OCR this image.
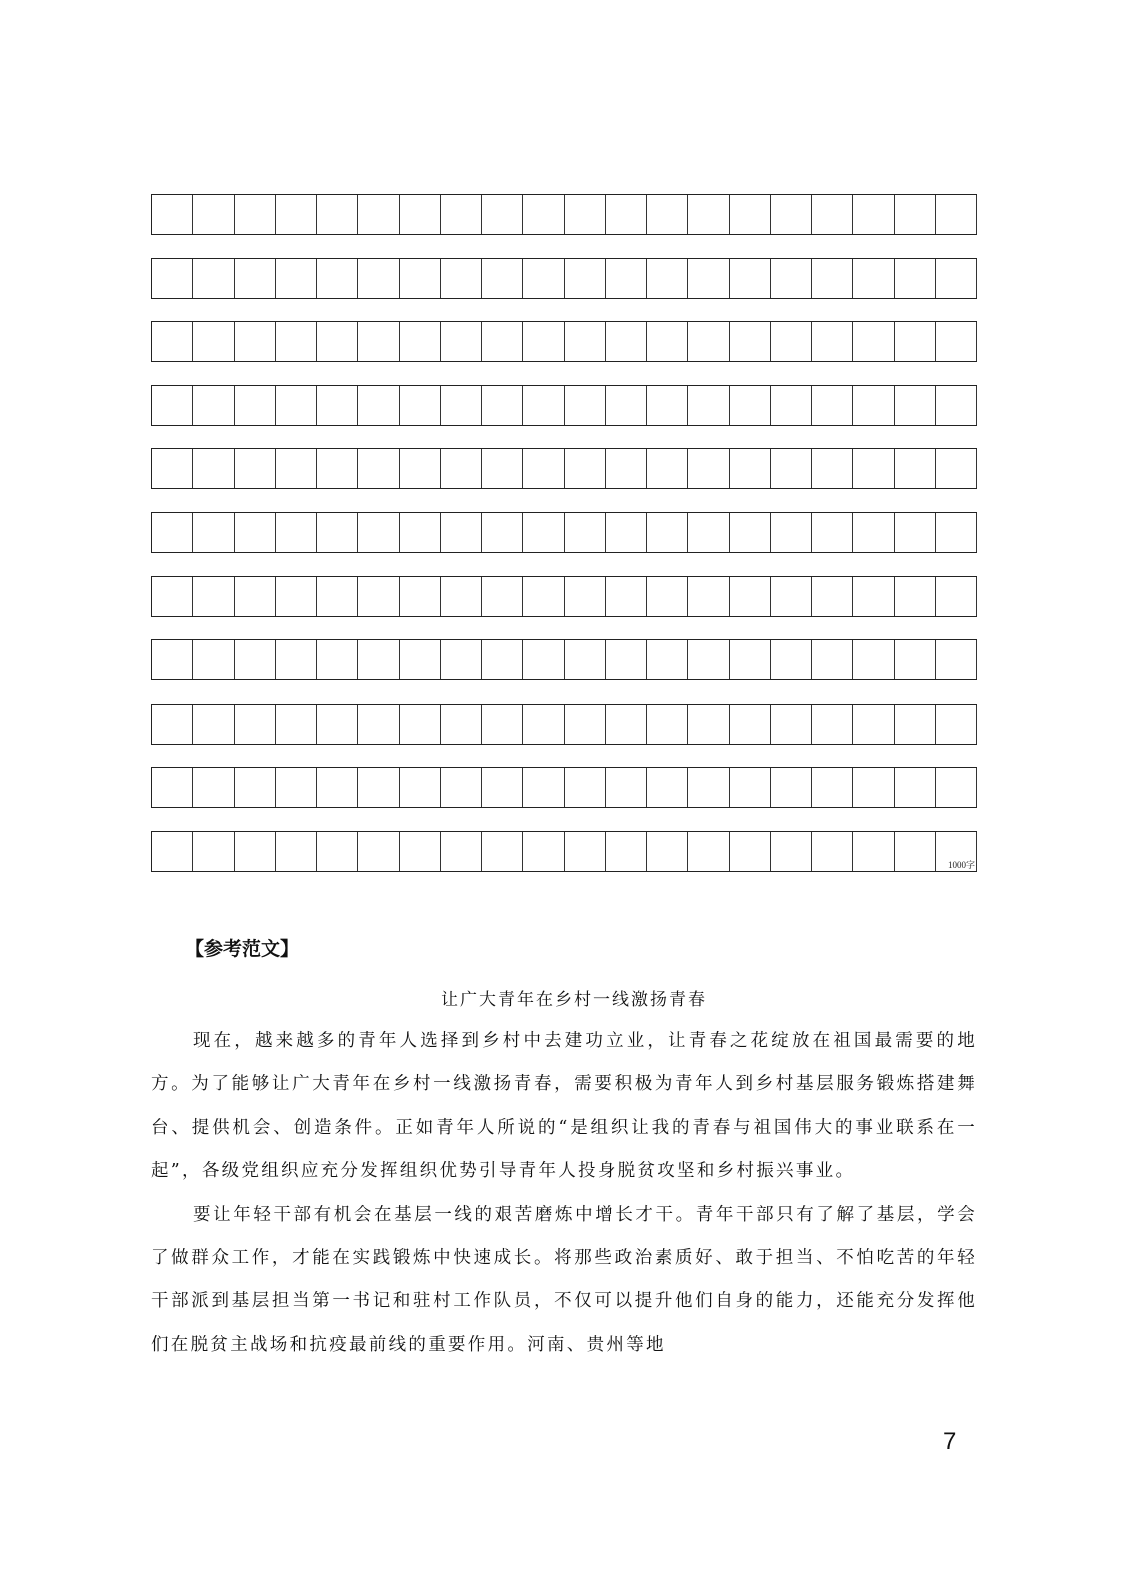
1000字
【参考范文】
让广大青年在乡村一线激扬青春

现在，越来越多的青年人选择到乡村中去建功立业，让青春之花绽放在祖国最需要的地方。为了能够让广大青年在乡村一线激扬青春，需要积极为青年人到乡村基层服务锻炼搭建舞台、提供机会、创造条件。正如青年人所说的“是组织让我的青春与祖国伟大的事业联系在一起”，各级党组织应充分发挥组织优势引导青年人投身脱贫攻坚和乡村振兴事业。

要让年轻干部有机会在基层一线的艰苦磨炼中增长才干。青年干部只有了解了基层，学会了做群众工作，才能在实践锻炼中快速成长。将那些政治素质好、敢于担当、不怕吃苦的年轻干部派到基层担当第一书记和驻村工作队员，不仅可以提升他们自身的能力，还能充分发挥他们在脱贫主战场和抗疫最前线的重要作用。河南、贵州等地

7
